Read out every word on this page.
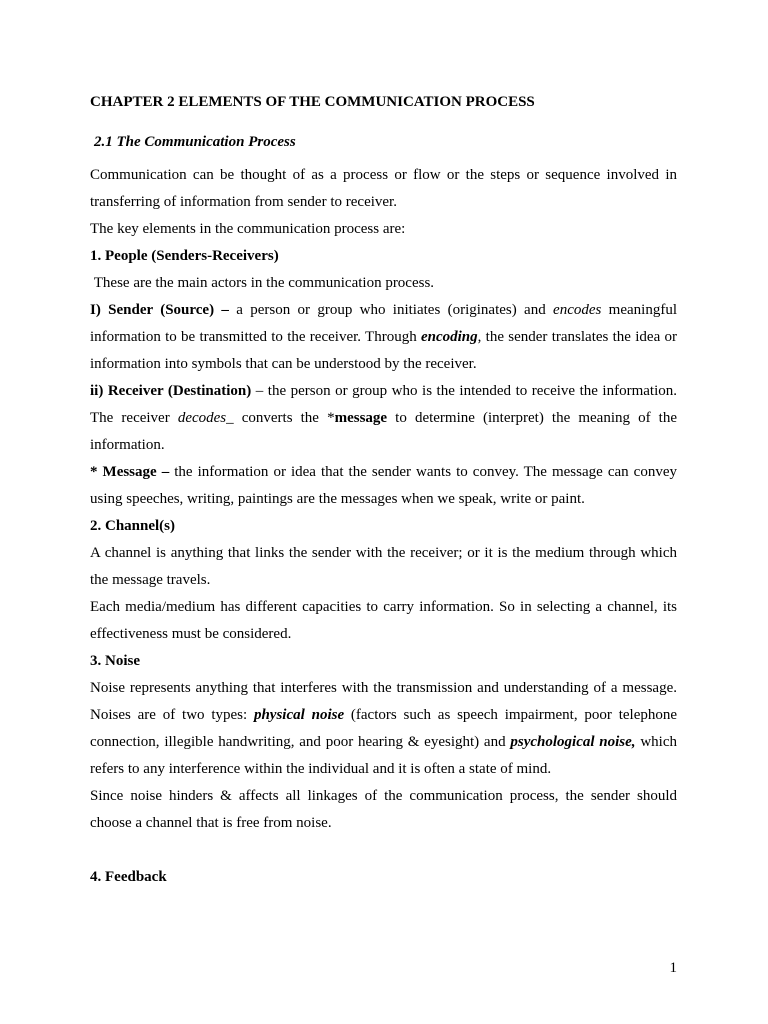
CHAPTER 2 ELEMENTS OF THE COMMUNICATION PROCESS
2.1 The Communication Process

Communication can be thought of as a process or flow or the steps or sequence involved in transferring of information from sender to receiver.

The key elements in the communication process are:

1. People (Senders-Receivers)

These are the main actors in the communication process.

I) Sender (Source) – a person or group who initiates (originates) and encodes meaningful information to be transmitted to the receiver. Through encoding, the sender translates the idea or information into symbols that can be understood by the receiver.

ii) Receiver (Destination) – the person or group who is the intended to receive the information. The receiver decodes_ converts the *message to determine (interpret) the meaning of the information.

* Message – the information or idea that the sender wants to convey. The message can convey using speeches, writing, paintings are the messages when we speak, write or paint.

2. Channel(s)

A channel is anything that links the sender with the receiver; or it is the medium through which the message travels.

Each media/medium has different capacities to carry information. So in selecting a channel, its effectiveness must be considered.

3. Noise

Noise represents anything that interferes with the transmission and understanding of a message. Noises are of two types: physical noise (factors such as speech impairment, poor telephone connection, illegible handwriting, and poor hearing & eyesight) and psychological noise, which refers to any interference within the individual and it is often a state of mind.

Since noise hinders & affects all linkages of the communication process, the sender should choose a channel that is free from noise.

4. Feedback

1
